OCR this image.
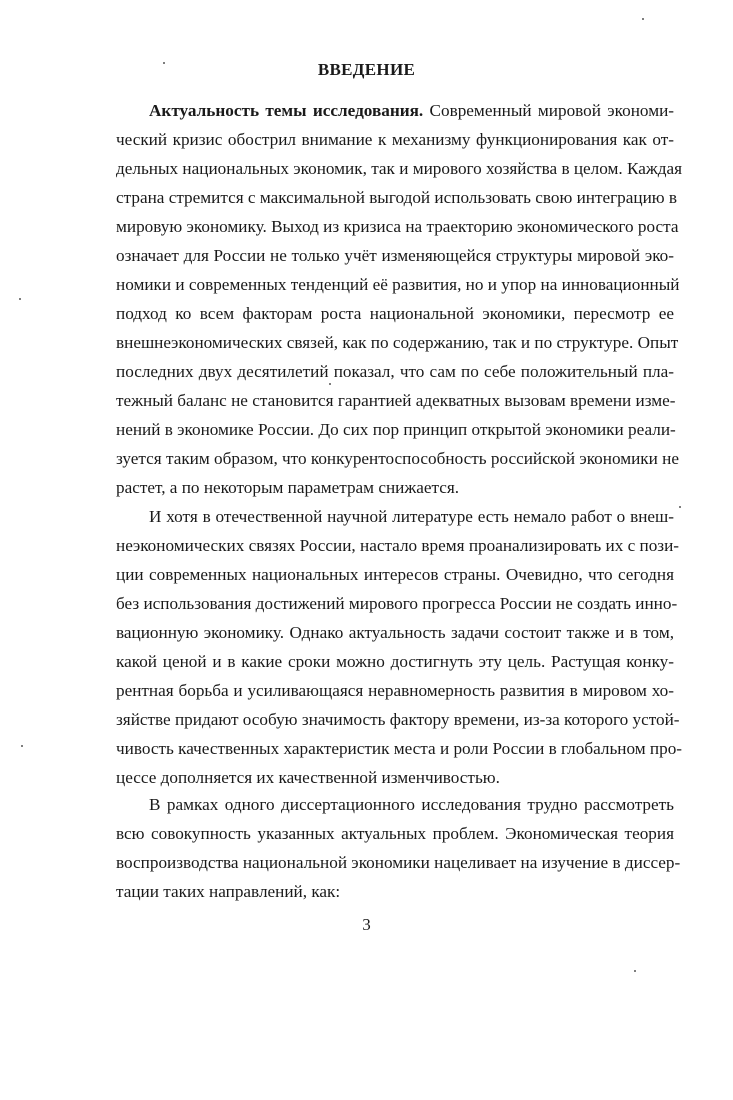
ВВЕДЕНИЕ
Актуальность темы исследования. Современный мировой экономи-
ческий кризис обострил внимание к механизму функционирования как от-
дельных национальных экономик, так и мирового хозяйства в целом. Каждая
страна стремится с максимальной выгодой использовать свою интеграцию в
мировую экономику. Выход из кризиса на траекторию экономического роста
означает для России не только учёт изменяющейся структуры мировой эко-
номики и современных тенденций её развития, но и упор на инновационный
подход ко всем факторам роста национальной экономики, пересмотр ее
внешнеэкономических связей, как по содержанию, так и по структуре. Опыт
последних двух десятилетий показал, что сам по себе положительный пла-
тежный баланс не становится гарантией адекватных вызовам времени изме-
нений в экономике России. До сих пор принцип открытой экономики реали-
зуется таким образом, что конкурентоспособность российской экономики не
растет, а по некоторым параметрам снижается.
И хотя в отечественной научной литературе есть немало работ о внеш-
неэкономических связях России, настало время проанализировать их с пози-
ции современных национальных интересов страны. Очевидно, что сегодня
без использования достижений мирового прогресса России не создать инно-
вационную экономику. Однако актуальность задачи состоит также и в том,
какой ценой и в какие сроки можно достигнуть эту цель. Растущая конку-
рентная борьба и усиливающаяся неравномерность развития в мировом хо-
зяйстве придают особую значимость фактору времени, из-за которого устой-
чивость качественных характеристик места и роли России в глобальном про-
цессе дополняется их качественной изменчивостью.
В рамках одного диссертационного исследования трудно рассмотреть
всю совокупность указанных актуальных проблем. Экономическая теория
воспроизводства национальной экономики нацеливает на изучение в диссер-
тации таких направлений, как:
3
